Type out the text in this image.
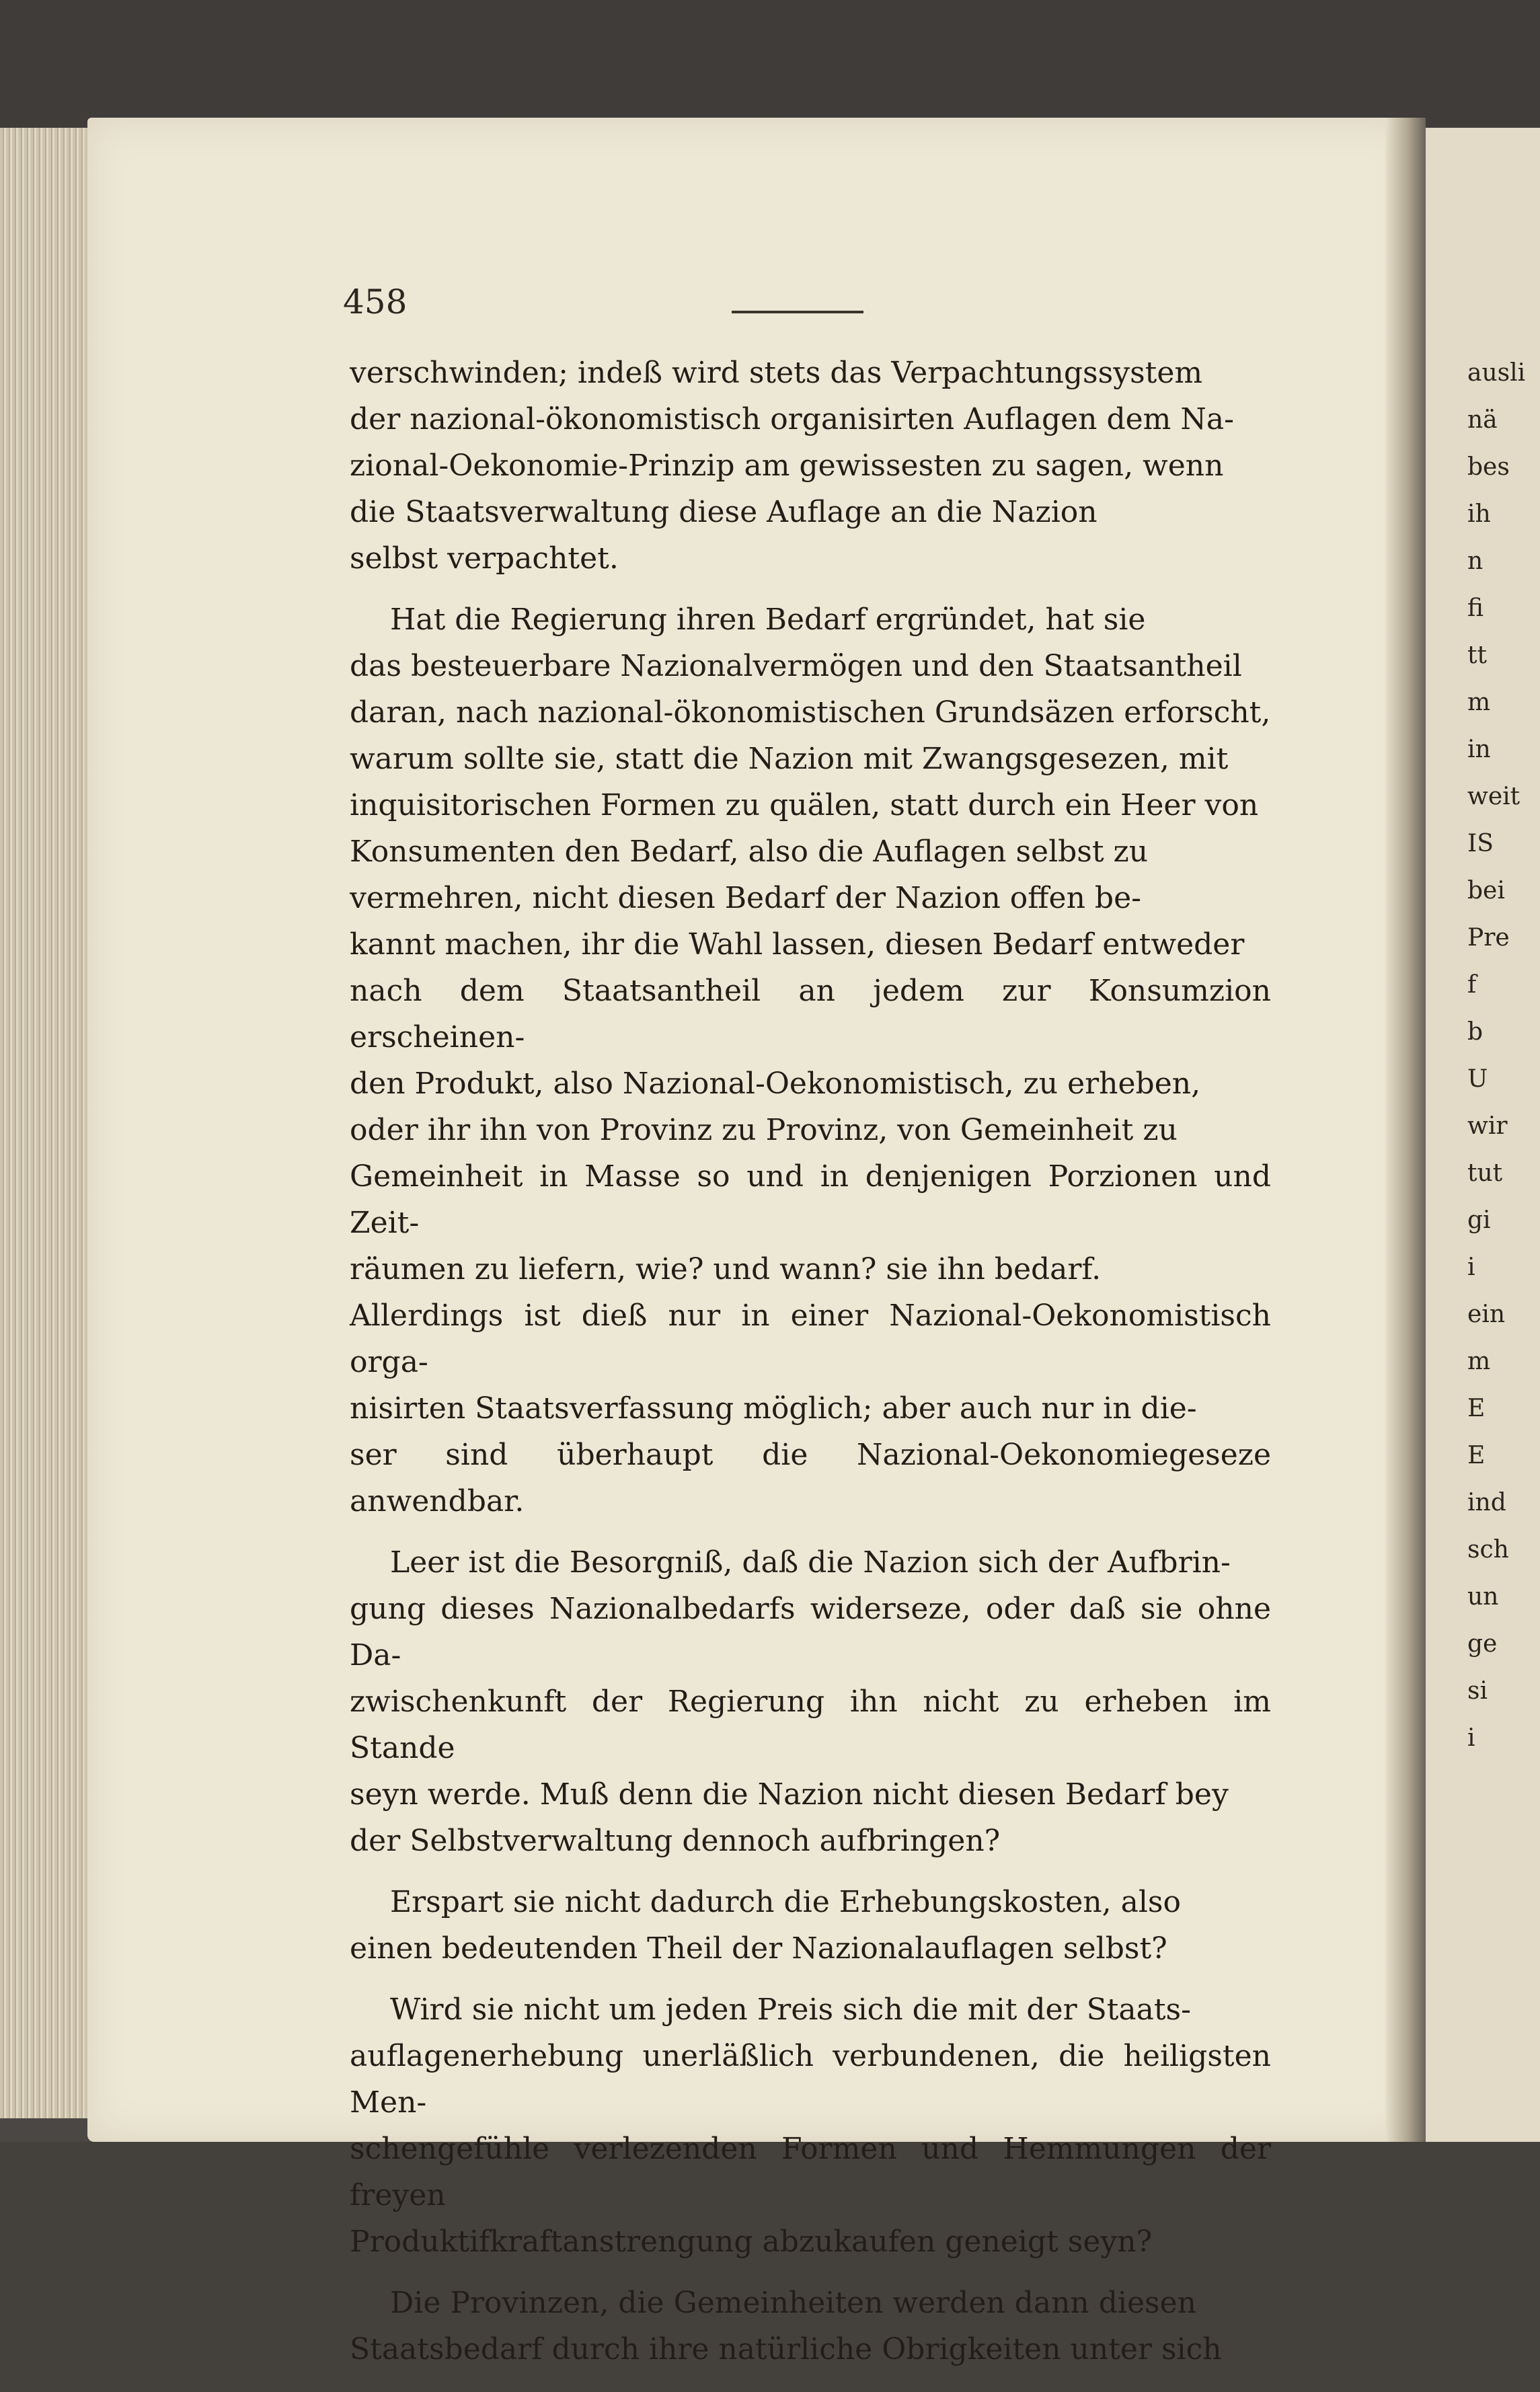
458

verschwinden; indeß wird stets das Verpachtungssystem
der nazional-ökonomistisch organisirten Auflagen dem Na-
zional-Oekonomie-Prinzip am gewissesten zu sagen, wenn
die Staatsverwaltung diese Auflage an die Nazion
selbst verpachtet.

Hat die Regierung ihren Bedarf ergründet, hat sie
das besteuerbare Nazionalvermögen und den Staatsantheil
daran, nach nazional-ökonomistischen Grundsäzen erforscht,
warum sollte sie, statt die Nazion mit Zwangsgesezen, mit
inquisitorischen Formen zu quälen, statt durch ein Heer von
Konsumenten den Bedarf, also die Auflagen selbst zu
vermehren, nicht diesen Bedarf der Nazion offen be-
kannt machen, ihr die Wahl lassen, diesen Bedarf entweder
nach dem Staatsantheil an jedem zur Konsumzion erscheinen-
den Produkt, also Nazional-Oekonomistisch, zu erheben,
oder ihr ihn von Provinz zu Provinz, von Gemeinheit zu
Gemeinheit in Masse so und in denjenigen Porzionen und Zeit-
räumen zu liefern, wie? und wann? sie ihn bedarf.
Allerdings ist dieß nur in einer Nazional-Oekonomistisch orga-
nisirten Staatsverfassung möglich; aber auch nur in die-
ser sind überhaupt die Nazional-Oekonomiegeseze anwendbar.

Leer ist die Besorgniß, daß die Nazion sich der Aufbrin-
gung dieses Nazionalbedarfs widerseze, oder daß sie ohne Da-
zwischenkunft der Regierung ihn nicht zu erheben im Stande
seyn werde. Muß denn die Nazion nicht diesen Bedarf bey
der Selbstverwaltung dennoch aufbringen?

Erspart sie nicht dadurch die Erhebungskosten, also
einen bedeutenden Theil der Nazionalauflagen selbst?

Wird sie nicht um jeden Preis sich die mit der Staats-
auflagenerhebung unerläßlich verbundenen, die heiligsten Men-
schengefühle verlezenden Formen und Hemmungen der freyen
Produktifkraftanstrengung abzukaufen geneigt seyn?

Die Provinzen, die Gemeinheiten werden dann diesen
Staatsbedarf durch ihre natürliche Obrigkeiten unter sich

ausli
nä
bes
ih
n
fi
tt
m
in
weit
IS
bei
Pre
f
b
U
wir
tut
gi
i
ein
m
E
E
ind
sch
un
ge
si
i
